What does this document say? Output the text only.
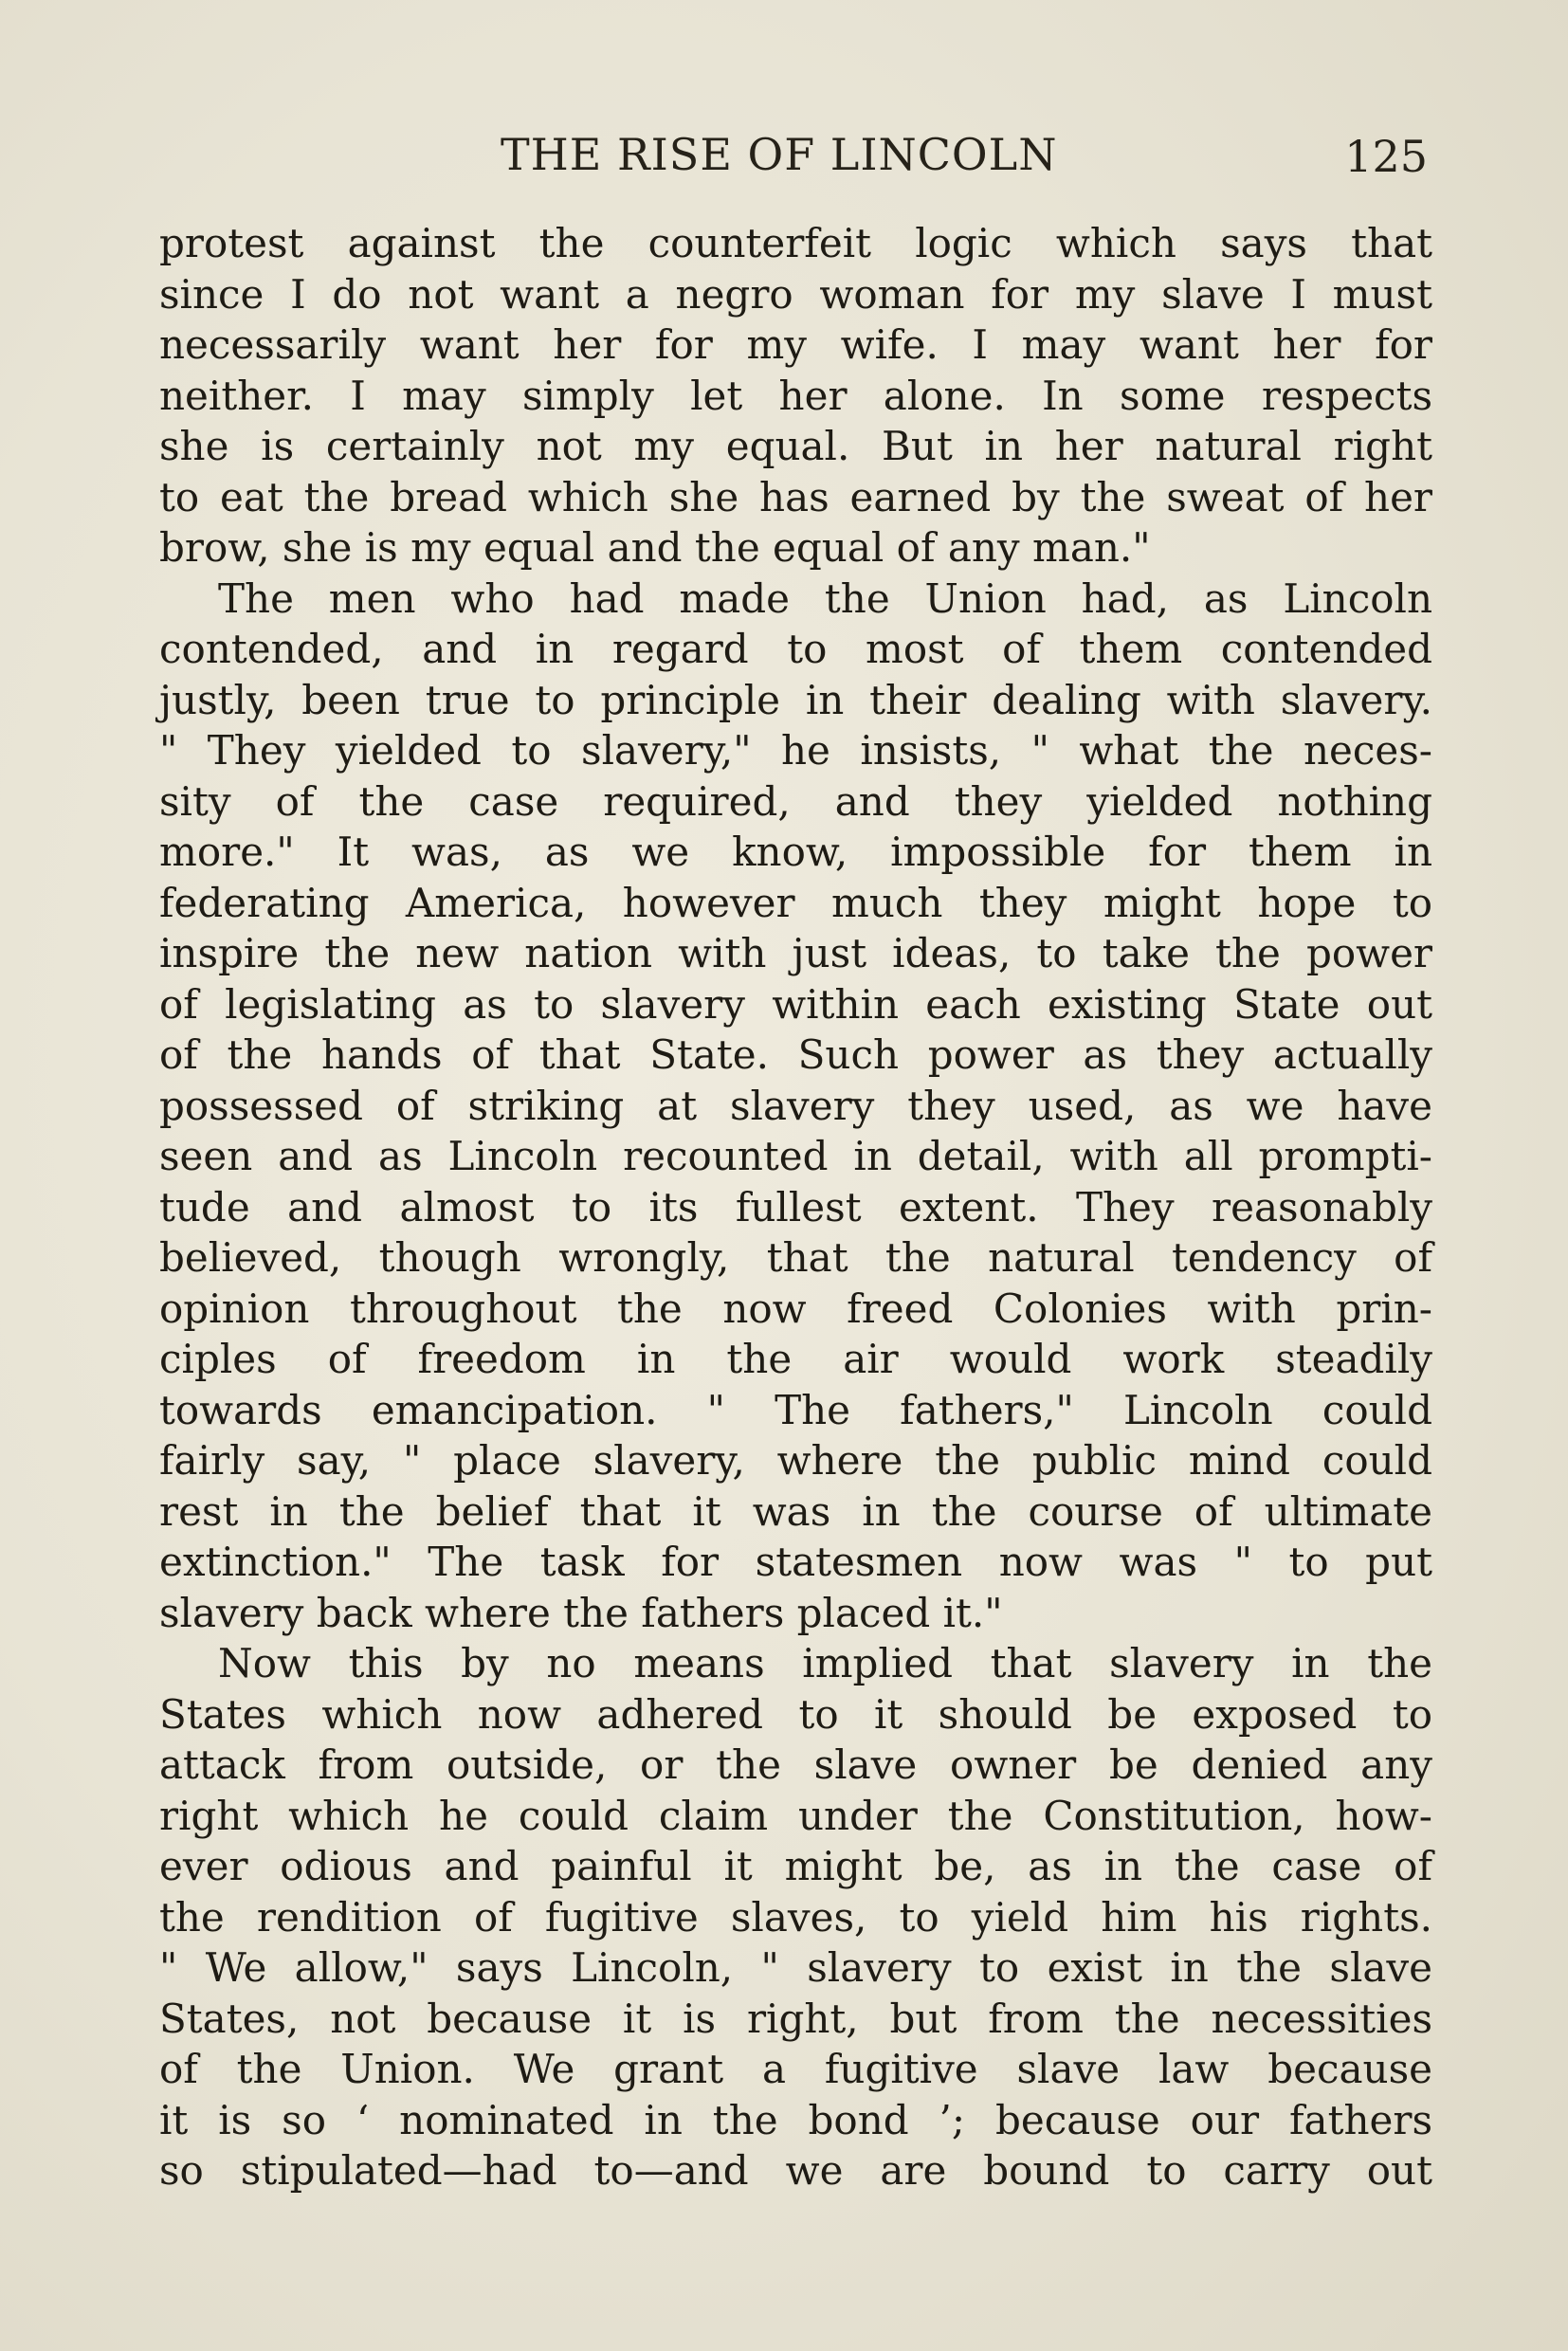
THE RISE OF LINCOLN	125
protest against the counterfeit logic which says that
since I do not want a negro woman for my slave I must
necessarily want her for my wife. I may want her for
neither. I may simply let her alone. In some respects
she is certainly not my equal. But in her natural right
to eat the bread which she has earned by the sweat of her
brow, she is my equal and the equal of any man."
The men who had made the Union had, as Lincoln
contended, and in regard to most of them contended
justly, been true to principle in their dealing with slavery.
" They yielded to slavery," he insists, " what the neces-
sity of the case required, and they yielded nothing
more." It was, as we know, impossible for them in
federating America, however much they might hope to
inspire the new nation with just ideas, to take the power
of legislating as to slavery within each existing State out
of the hands of that State. Such power as they actually
possessed of striking at slavery they used, as we have
seen and as Lincoln recounted in detail, with all prompti-
tude and almost to its fullest extent. They reasonably
believed, though wrongly, that the natural tendency of
opinion throughout the now freed Colonies with prin-
ciples of freedom in the air would work steadily
towards emancipation. " The fathers," Lincoln could
fairly say, " place slavery, where the public mind could
rest in the belief that it was in the course of ultimate
extinction." The task for statesmen now was " to put
slavery back where the fathers placed it."
Now this by no means implied that slavery in the
States which now adhered to it should be exposed to
attack from outside, or the slave owner be denied any
right which he could claim under the Constitution, how-
ever odious and painful it might be, as in the case of
the rendition of fugitive slaves, to yield him his rights.
" We allow," says Lincoln, " slavery to exist in the slave
States, not because it is right, but from the necessities
of the Union. We grant a fugitive slave law because
it is so ‘ nominated in the bond ’; because our fathers
so stipulated—had to—and we are bound to carry out
